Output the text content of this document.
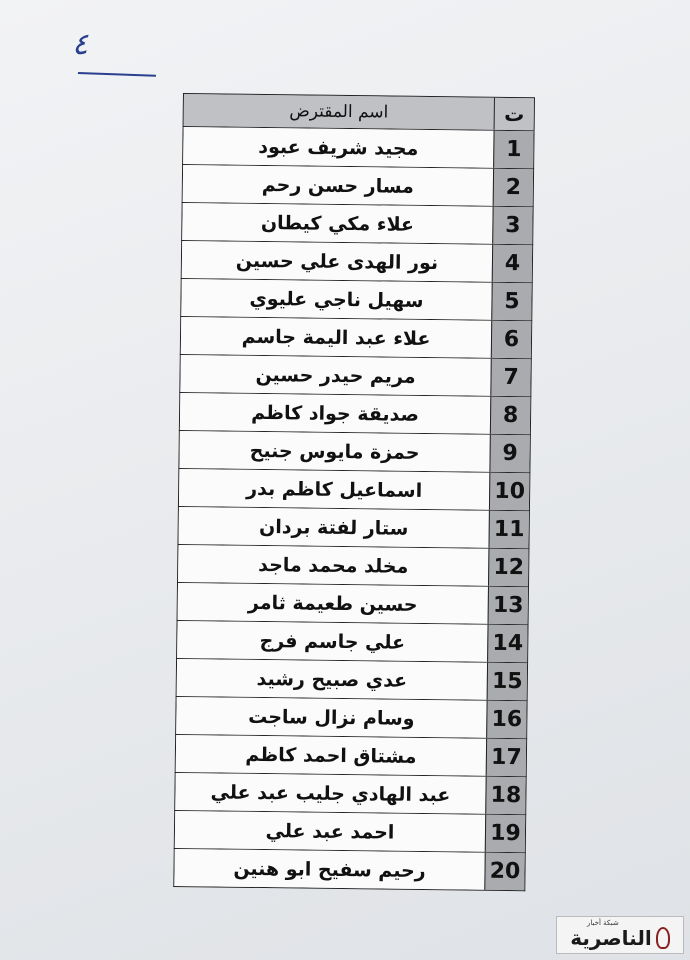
٤
ت
اسم المقترض
1
مجيد شريف عبود
2
مسار حسن رحم
3
علاء مكي كيطان
4
نور الهدى علي حسين
5
سهيل ناجي عليوي
6
علاء عبد اليمة جاسم
7
مريم حيدر حسين
8
صديقة جواد كاظم
9
حمزة مايوس جنيح
10
اسماعيل كاظم بدر
11
ستار لفتة بردان
12
مخلد محمد ماجد
13
حسين طعيمة ثامر
14
علي جاسم فرج
15
عدي صبيح رشيد
16
وسام نزال ساجت
17
مشتاق احمد كاظم
18
عبد الهادي جليب عبد علي
19
احمد عبد علي
20
رحيم سفيح ابو هنين
شبكة أخبار
الناصرية
